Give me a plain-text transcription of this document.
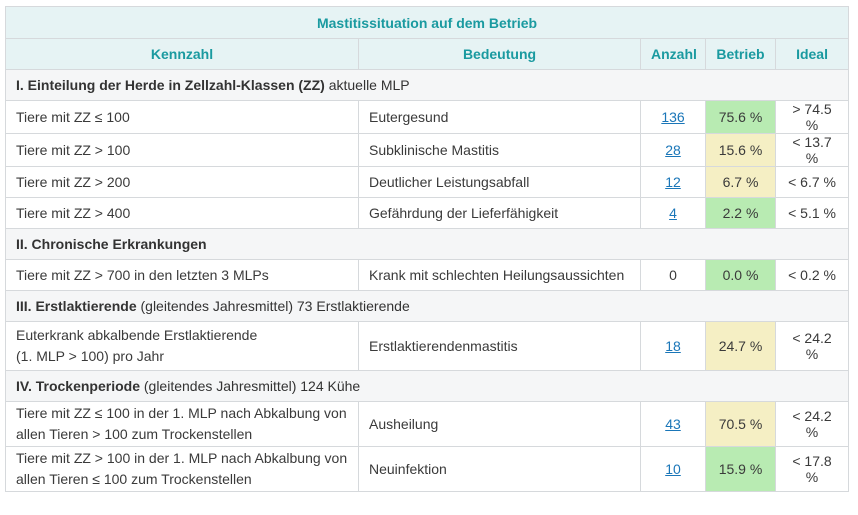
Mastitissituation auf dem Betrieb				
Kennzahl	Bedeutung	Anzahl	Betrieb	Ideal
I. Einteilung der Herde in Zellzahl-Klassen (ZZ) aktuelle MLP				
Tiere mit ZZ ≤ 100	Eutergesund	136	75.6 %	> 74.5 %
Tiere mit ZZ > 100	Subklinische Mastitis	28	15.6 %	< 13.7 %
Tiere mit ZZ > 200	Deutlicher Leistungsabfall	12	6.7 %	< 6.7 %
Tiere mit ZZ > 400	Gefährdung der Lieferfähigkeit	4	2.2 %	< 5.1 %
II. Chronische Erkrankungen				
Tiere mit ZZ > 700 in den letzten 3 MLPs	Krank mit schlechten Heilungsaussichten	0	0.0 %	< 0.2 %
III. Erstlaktierende (gleitendes Jahresmittel) 73 Erstlaktierende				

Euterkrank abkalbende Erstlaktierende
(1. MLP > 100) pro Jahr	Erstlaktierendenmastitis	18	24.7 %	< 24.2 %
IV. Trockenperiode (gleitendes Jahresmittel) 124 Kühe				

Tiere mit ZZ ≤ 100 in der 1. MLP nach Abkalbung von
allen Tieren > 100 zum Trockenstellen	Ausheilung	43	70.5 %	< 24.2 %

Tiere mit ZZ > 100 in der 1. MLP nach Abkalbung von
allen Tieren ≤ 100 zum Trockenstellen	Neuinfektion	10	15.9 %	< 17.8 %
